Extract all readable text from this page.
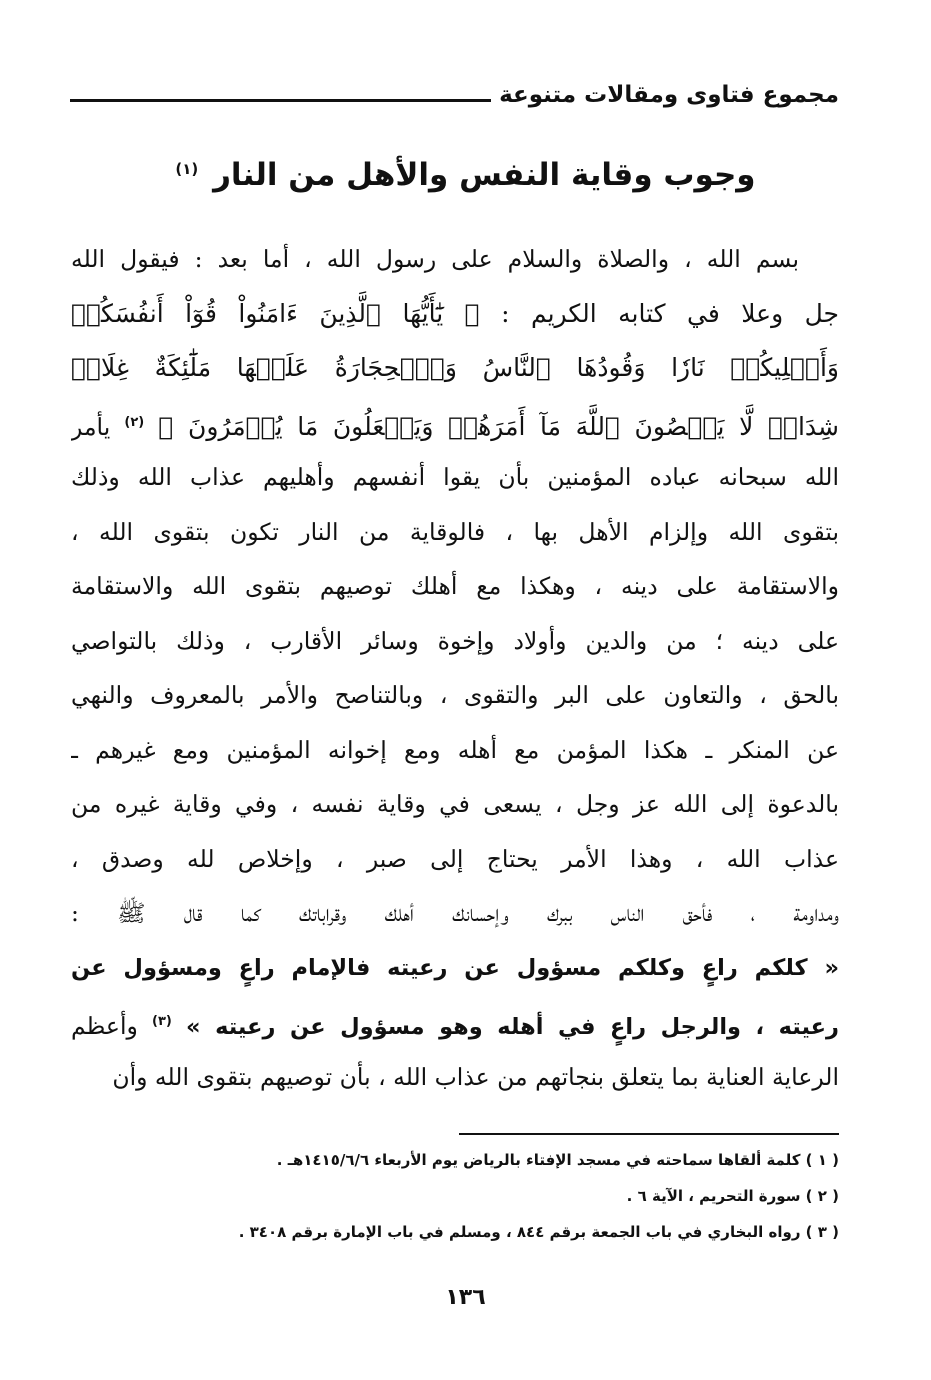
مجموع فتاوى ومقالات متنوعة
وجوب وقاية النفس والأهل من النار $^{(١)}$
بسم الله ، والصلاة والسلام على رسول الله ، أما بعد : فيقول الله
جل وعلا في كتابه الكريم : ﴿ يَٰٓأَيُّهَا ٱلَّذِينَ ءَامَنُواْ قُوٓاْ أَنفُسَكُمۡ
وَأَهۡلِيكُمۡ نَارٗا وَقُودُهَا ٱلنَّاسُ وَٱلۡحِجَارَةُ عَلَيۡهَا مَلَٰٓئِكَةٌ غِلَاظٞ
شِدَادٞ لَّا يَعۡصُونَ ٱللَّهَ مَآ أَمَرَهُمۡ وَيَفۡعَلُونَ مَا يُؤۡمَرُونَ ﴾ $^{(٢)}$ يأمر
الله سبحانه عباده المؤمنين بأن يقوا أنفسهم وأهليهم عذاب الله وذلك
بتقوى الله وإلزام الأهل بها ، فالوقاية من النار تكون بتقوى الله ،
والاستقامة على دينه ، وهكذا مع أهلك توصيهم بتقوى الله والاستقامة
على دينه ؛ من والدين وأولاد وإخوة وسائر الأقارب ، وذلك بالتواصي
بالحق ، والتعاون على البر والتقوى ، وبالتناصح والأمر بالمعروف والنهي
عن المنكر ـ هكذا المؤمن مع أهله ومع إخوانه المؤمنين ومع غيرهم ـ
بالدعوة إلى الله عز وجل ، يسعى في وقاية نفسه ، وفي وقاية غيره من
عذاب الله ، وهذا الأمر يحتاج إلى صبر ، وإخلاص لله وصدق ،
ومداومة ، فأحق الناس ببرك وإحسانك أهلك وقراباتك كما قال ﷺ :
« كلكم راعٍ وكلكم مسؤول عن رعيته فالإمام راعٍ ومسؤول عن
رعيته ، والرجل راعٍ في أهله وهو مسؤول عن رعيته » $^{(٣)}$ وأعظم
الرعاية العناية بما يتعلق بنجاتهم من عذاب الله ، بأن توصيهم بتقوى الله وأن
( ١ ) كلمة ألقاها سماحته في مسجد الإفتاء بالرياض يوم الأربعاء ١٤١٥/٦/٦هـ .
( ٢ ) سورة التحريم ، الآية ٦ .
( ٣ ) رواه البخاري في باب الجمعة برقم ٨٤٤ ، ومسلم في باب الإمارة برقم ٣٤٠٨ .
١٣٦
